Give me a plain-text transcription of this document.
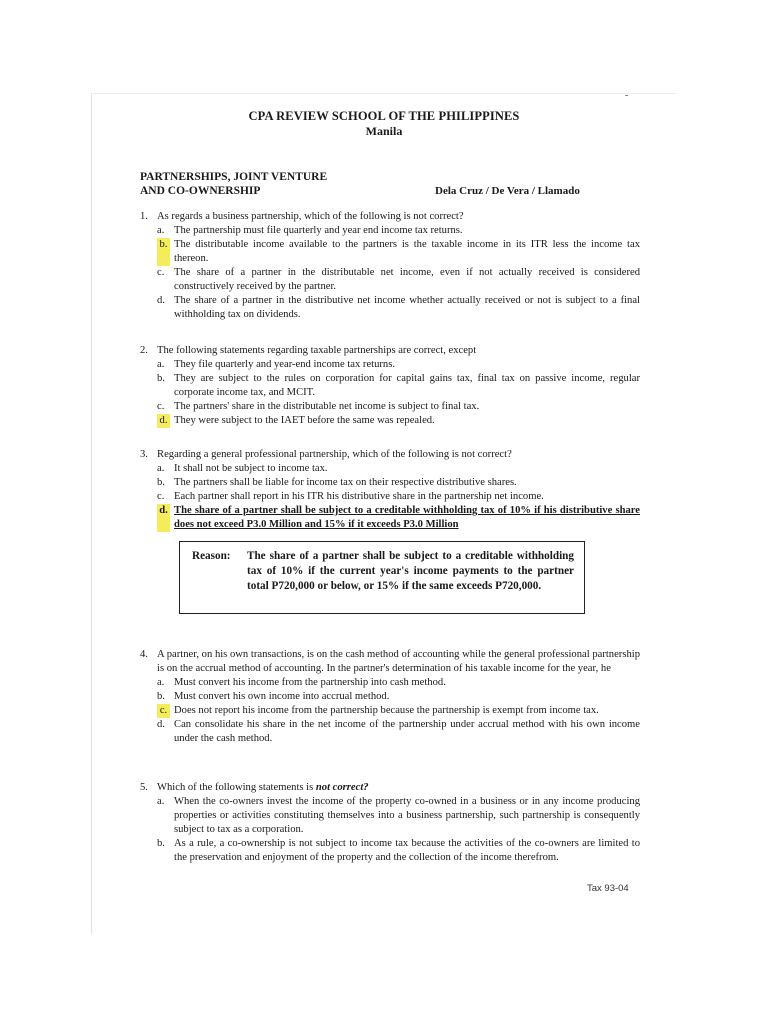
-
CPA REVIEW SCHOOL OF THE PHILIPPINES
Manila
PARTNERSHIPS, JOINT VENTURE
AND CO-OWNERSHIP	Dela Cruz / De Vera / Llamado
1. As regards a business partnership, which of the following is not correct?
a. The partnership must file quarterly and year end income tax returns.
b. The distributable income available to the partners is the taxable income in its ITR less the income tax thereon.
c. The share of a partner in the distributable net income, even if not actually received is considered constructively received by the partner.
d. The share of a partner in the distributive net income whether actually received or not is subject to a final withholding tax on dividends.
2. The following statements regarding taxable partnerships are correct, except
a. They file quarterly and year-end income tax returns.
b. They are subject to the rules on corporation for capital gains tax, final tax on passive income, regular corporate income tax, and MCIT.
c. The partners' share in the distributable net income is subject to final tax.
d. They were subject to the IAET before the same was repealed.
3. Regarding a general professional partnership, which of the following is not correct?
a. It shall not be subject to income tax.
b. The partners shall be liable for income tax on their respective distributive shares.
c. Each partner shall report in his ITR his distributive share in the partnership net income.
d. The share of a partner shall be subject to a creditable withholding tax of 10% if his distributive share does not exceed P3.0 Million and 15% if it exceeds P3.0 Million
Reason:	The share of a partner shall be subject to a creditable withholding tax of 10% if the current year's income payments to the partner total P720,000 or below, or 15% if the same exceeds P720,000.
4. A partner, on his own transactions, is on the cash method of accounting while the general professional partnership is on the accrual method of accounting. In the partner's determination of his taxable income for the year, he
a. Must convert his income from the partnership into cash method.
b. Must convert his own income into accrual method.
c. Does not report his income from the partnership because the partnership is exempt from income tax.
d. Can consolidate his share in the net income of the partnership under accrual method with his own income under the cash method.
5. Which of the following statements is not correct?
a. When the co-owners invest the income of the property co-owned in a business or in any income producing properties or activities constituting themselves into a business partnership, such partnership is consequently subject to tax as a corporation.
b. As a rule, a co-ownership is not subject to income tax because the activities of the co-owners are limited to the preservation and enjoyment of the property and the collection of the income therefrom.
Tax 93-04
